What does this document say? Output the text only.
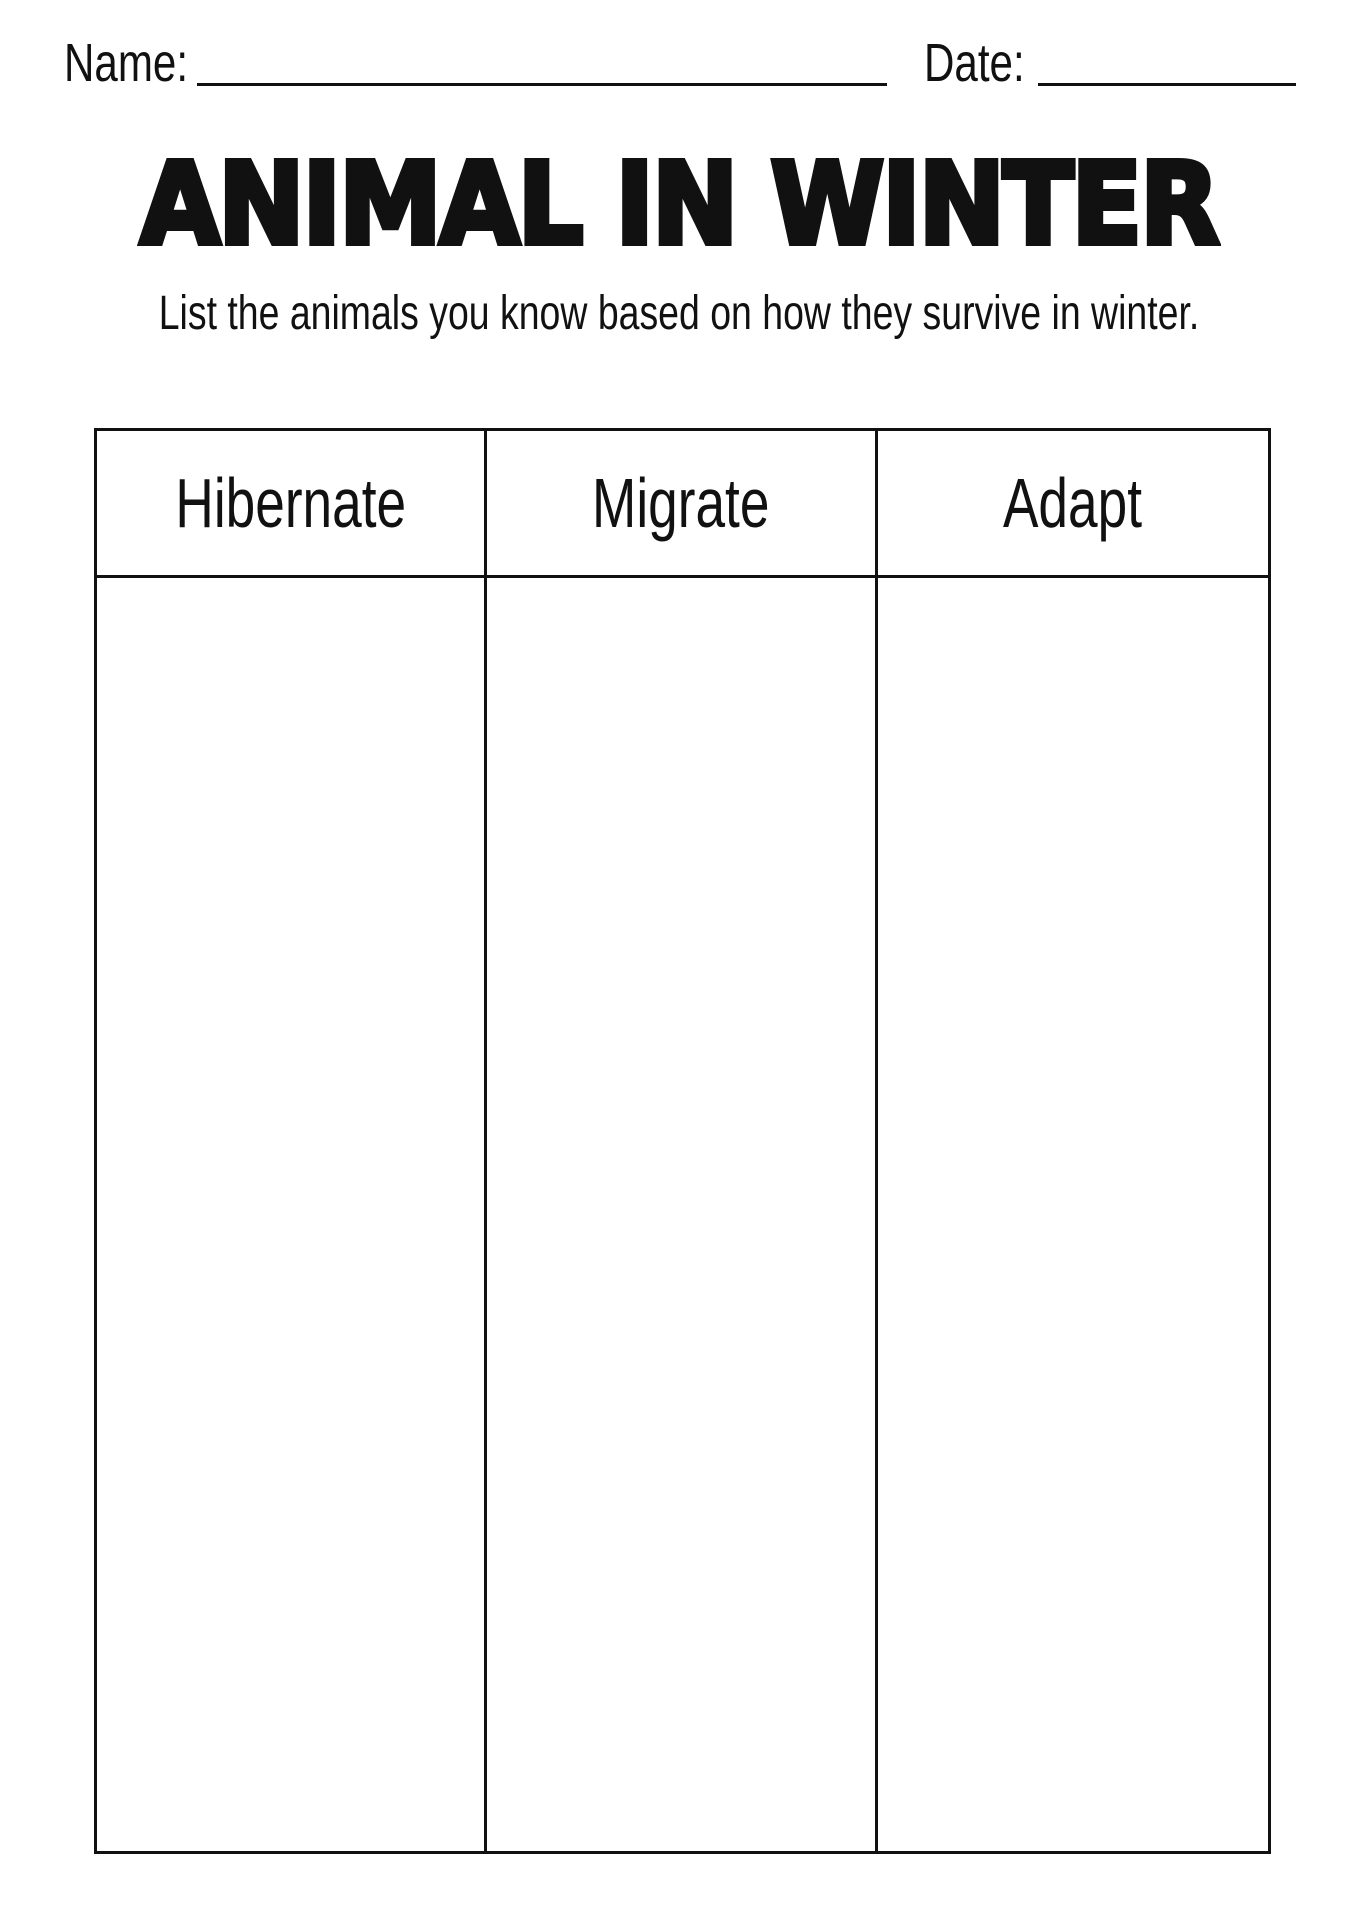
Name:	Date:
ANIMAL IN WINTER
List the animals you know based on how they survive in winter.
Hibernate	Migrate	Adapt
